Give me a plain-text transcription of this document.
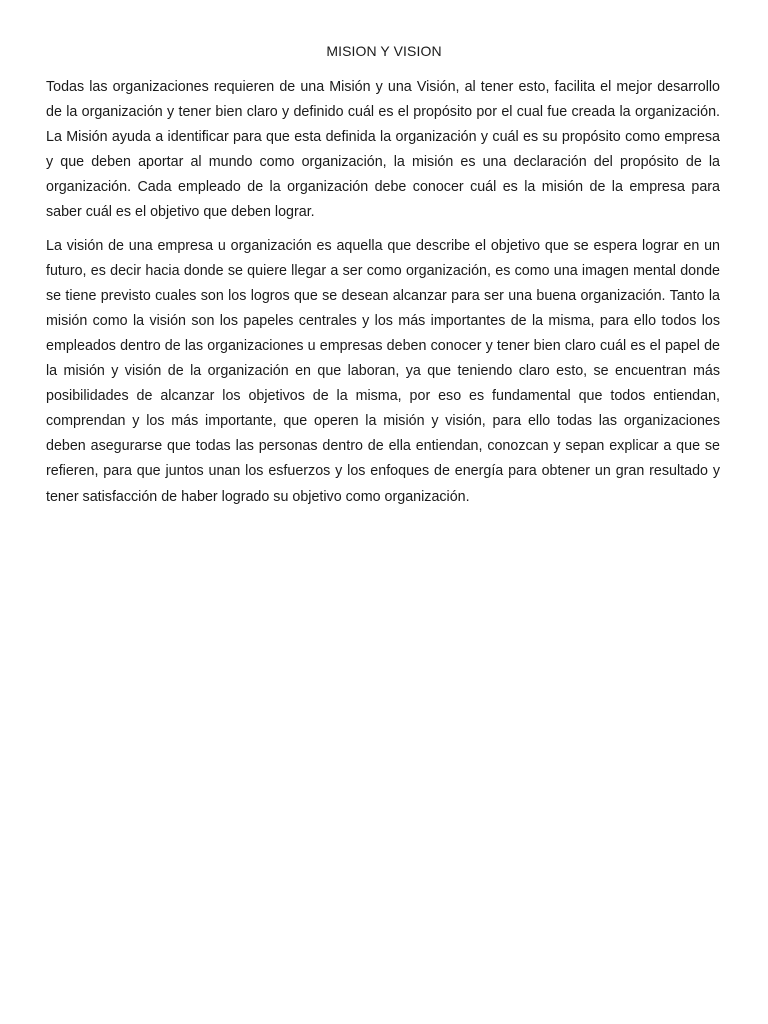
MISION Y VISION

Todas las organizaciones requieren de una Misión y una Visión, al tener esto, facilita el mejor desarrollo de la organización y tener bien claro y definido cuál es el propósito por el cual fue creada la organización. La Misión ayuda a identificar para que esta definida la organización y cuál es su propósito como empresa y que deben aportar al mundo como organización, la misión es una declaración del propósito de la organización. Cada empleado de la organización debe conocer cuál es la misión de la empresa para saber cuál es el objetivo que deben lograr.

La visión de una empresa u organización es aquella que describe el objetivo que se espera lograr en un futuro, es decir hacia donde se quiere llegar a ser como organización, es como una imagen mental donde se tiene previsto cuales son los logros que se desean alcanzar para ser una buena organización. Tanto la misión como la visión son los papeles centrales y los más importantes de la misma, para ello todos los empleados dentro de las organizaciones u empresas deben conocer y tener bien claro cuál es el papel de la misión y visión de la organización en que laboran, ya que teniendo claro esto, se encuentran más posibilidades de alcanzar los objetivos de la misma, por eso es fundamental que todos entiendan, comprendan y los más importante, que operen la misión y visión, para ello todas las organizaciones deben asegurarse que todas las personas dentro de ella entiendan, conozcan y sepan explicar a que se refieren, para que juntos unan los esfuerzos y los enfoques de energía para obtener un gran resultado y tener satisfacción de haber logrado su objetivo como organización.
